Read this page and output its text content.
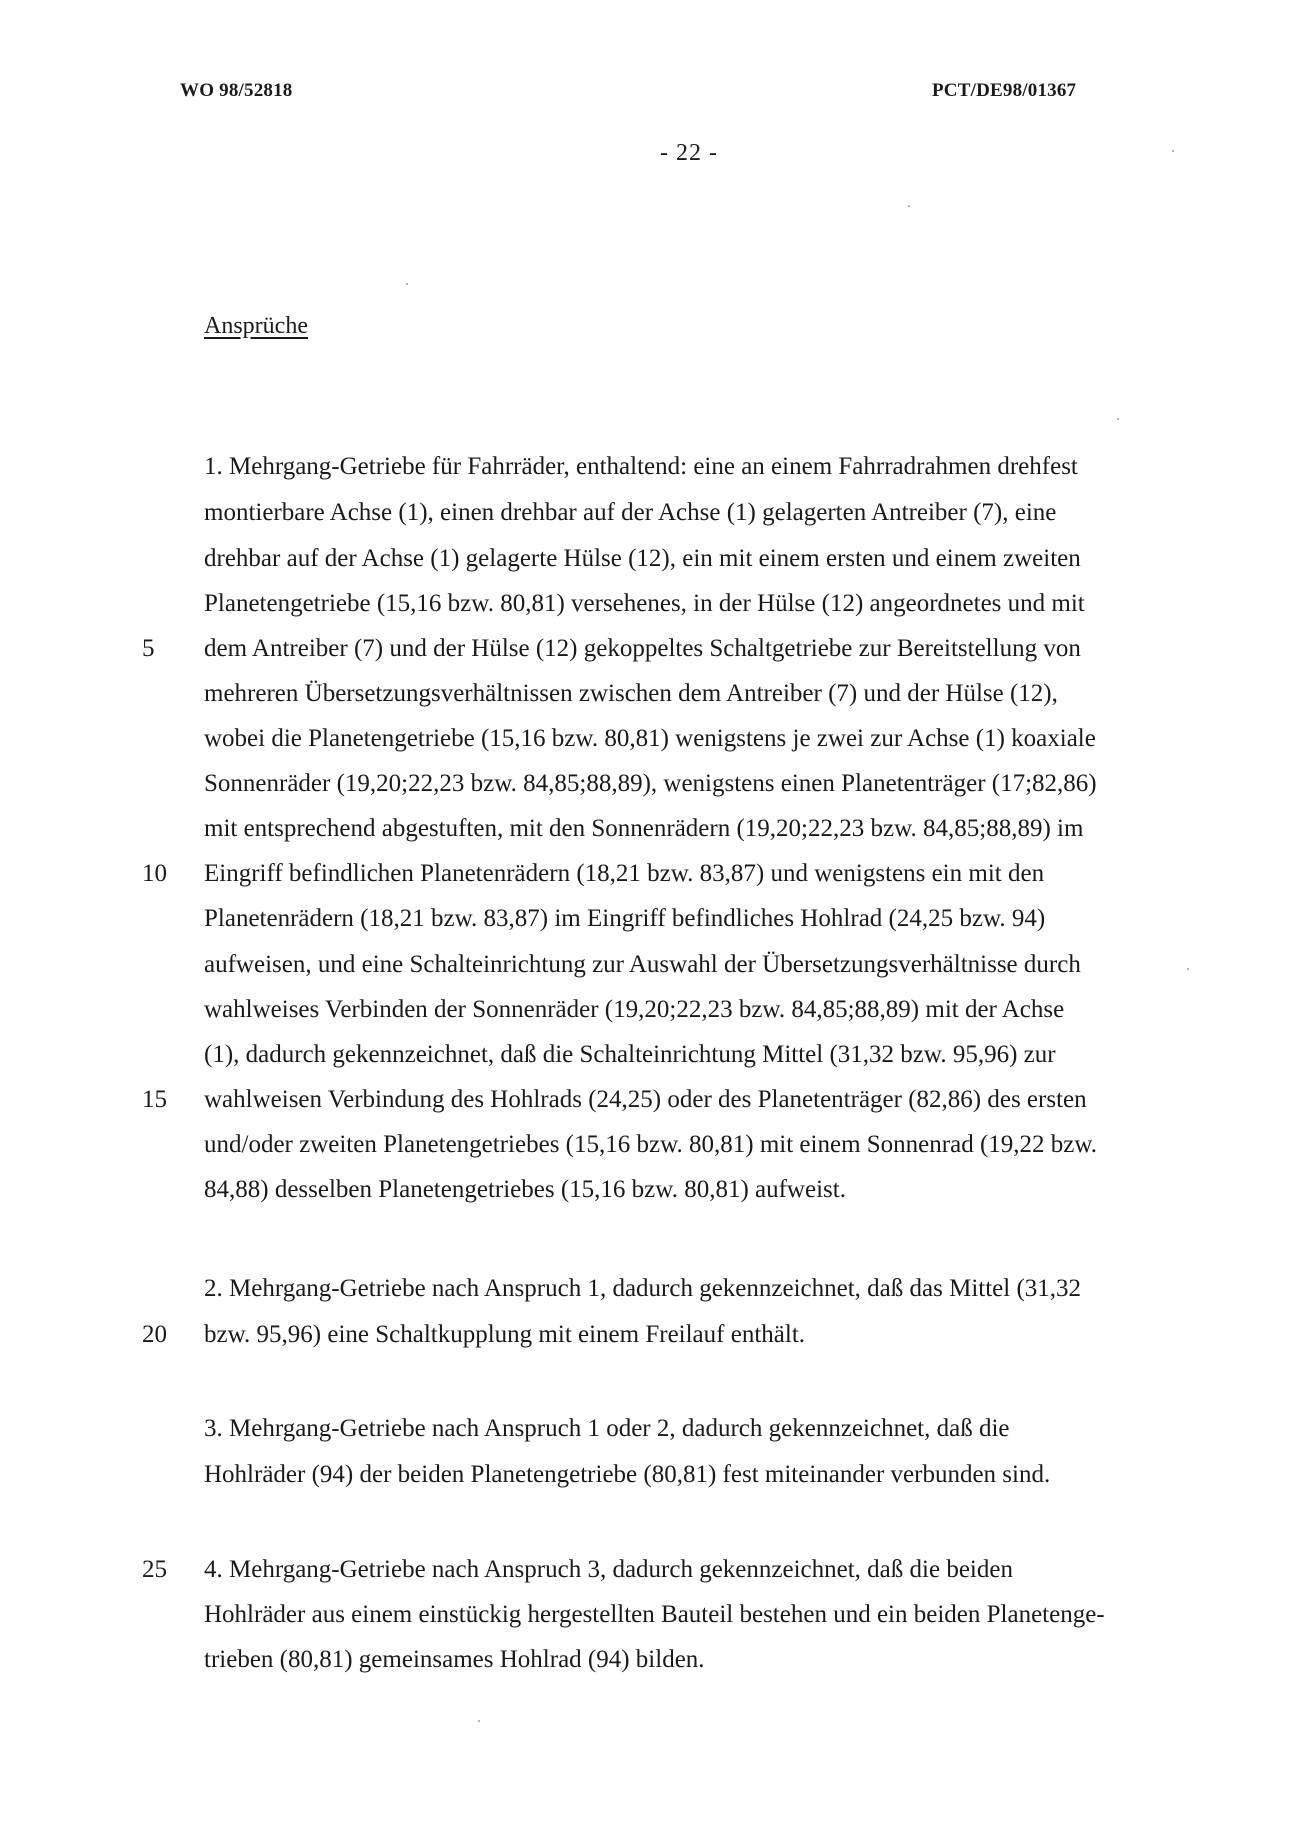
WO 98/52818	PCT/DE98/01367
- 22 -
Ansprüche
1. Mehrgang-Getriebe für Fahrräder, enthaltend: eine an einem Fahrradrahmen drehfest
montierbare Achse (1), einen drehbar auf der Achse (1) gelagerten Antreiber (7), eine
drehbar auf der Achse (1) gelagerte Hülse (12), ein mit einem ersten und einem zweiten
Planetengetriebe (15,16 bzw. 80,81) versehenes, in der Hülse (12) angeordnetes und mit
dem Antreiber (7) und der Hülse (12) gekoppeltes Schaltgetriebe zur Bereitstellung von
mehreren Übersetzungsverhältnissen zwischen dem Antreiber (7) und der Hülse (12),
wobei die Planetengetriebe (15,16 bzw. 80,81) wenigstens je zwei zur Achse (1) koaxiale
Sonnenräder (19,20;22,23 bzw. 84,85;88,89), wenigstens einen Planetenträger (17;82,86)
mit entsprechend abgestuften, mit den Sonnenrädern (19,20;22,23 bzw. 84,85;88,89) im
Eingriff befindlichen Planetenrädern (18,21 bzw. 83,87) und wenigstens ein mit den
Planetenrädern (18,21 bzw. 83,87) im Eingriff befindliches Hohlrad (24,25 bzw. 94)
aufweisen, und eine Schalteinrichtung zur Auswahl der Übersetzungsverhältnisse durch
wahlweises Verbinden der Sonnenräder (19,20;22,23 bzw. 84,85;88,89) mit der Achse
(1), dadurch gekennzeichnet, daß die Schalteinrichtung Mittel (31,32 bzw. 95,96) zur
wahlweisen Verbindung des Hohlrads (24,25) oder des Planetenträger (82,86) des ersten
und/oder zweiten Planetengetriebes (15,16 bzw. 80,81) mit einem Sonnenrad (19,22 bzw.
84,88) desselben Planetengetriebes (15,16 bzw. 80,81) aufweist.
2. Mehrgang-Getriebe nach Anspruch 1, dadurch gekennzeichnet, daß das Mittel (31,32
bzw. 95,96) eine Schaltkupplung mit einem Freilauf enthält.
3. Mehrgang-Getriebe nach Anspruch 1 oder 2, dadurch gekennzeichnet, daß die
Hohlräder (94) der beiden Planetengetriebe (80,81) fest miteinander verbunden sind.
4. Mehrgang-Getriebe nach Anspruch 3, dadurch gekennzeichnet, daß die beiden
Hohlräder aus einem einstückig hergestellten Bauteil bestehen und ein beiden Planetenge-
trieben (80,81) gemeinsames Hohlrad (94) bilden.
5
10
15
20
25
